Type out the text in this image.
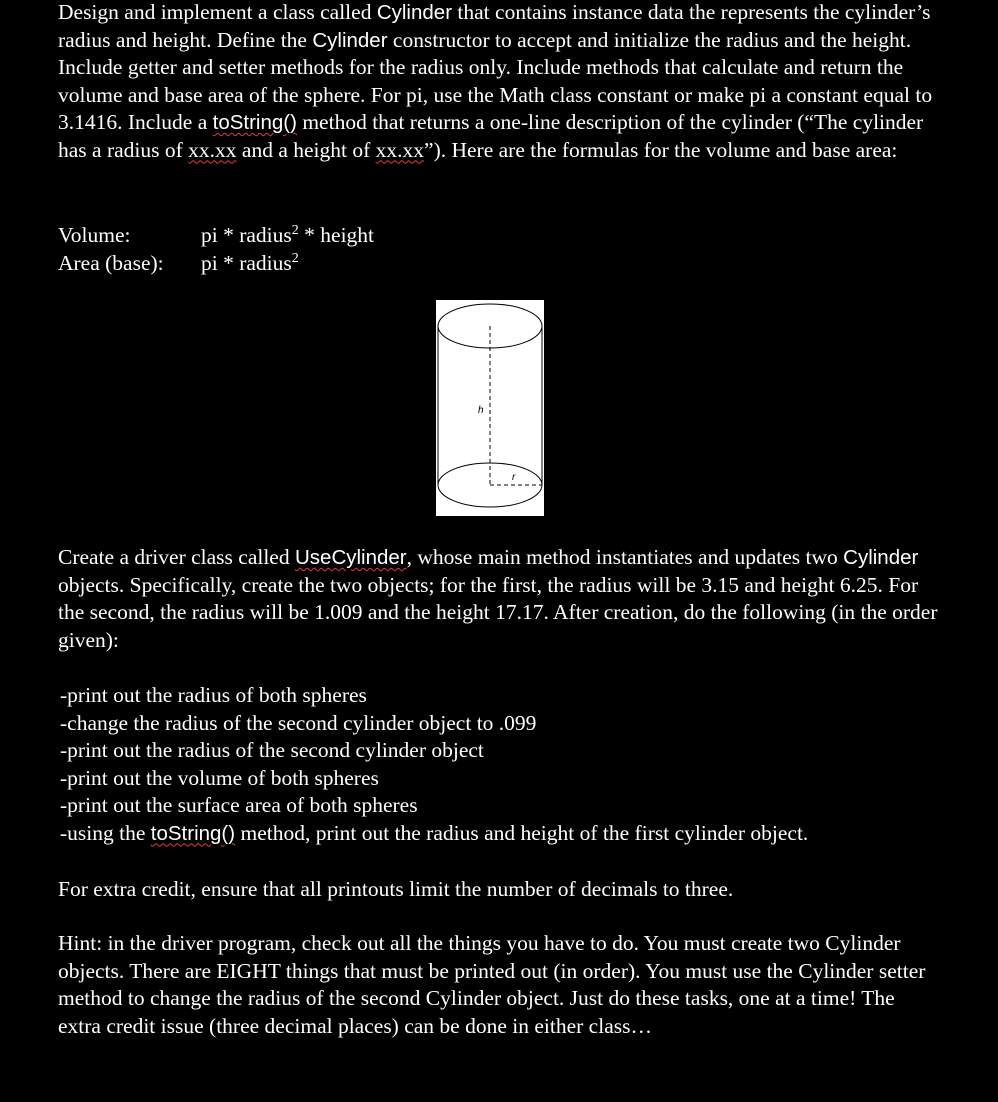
Design and implement a class called Cylinder that contains instance data the represents the cylinder’s radius and height. Define the Cylinder constructor to accept and initialize the radius and the height. Include getter and setter methods for the radius only. Include methods that calculate and return the volume and base area of the sphere. For pi, use the Math class constant or make pi a constant equal to 3.1416. Include a toString() method that returns a one-line description of the cylinder (“The cylinder has a radius of xx.xx and a height of xx.xx”). Here are the formulas for the volume and base area:

Volume:	pi * radius$^2$ * height
Area (base):	pi * radius$^2$
h
r

Create a driver class called UseCylinder, whose main method instantiates and updates two Cylinder objects. Specifically, create the two objects; for the first, the radius will be 3.15 and height 6.25. For the second, the radius will be 1.009 and the height 17.17. After creation, do the following (in the order given):

-print out the radius of both spheres

-change the radius of the second cylinder object to .099

-print out the radius of the second cylinder object

-print out the volume of both spheres

-print out the surface area of both spheres

-using the toString() method, print out the radius and height of the first cylinder object.

For extra credit, ensure that all printouts limit the number of decimals to three.

Hint: in the driver program, check out all the things you have to do. You must create two Cylinder objects. There are EIGHT things that must be printed out (in order). You must use the Cylinder setter method to change the radius of the second Cylinder object. Just do these tasks, one at a time! The extra credit issue (three decimal places) can be done in either class…
